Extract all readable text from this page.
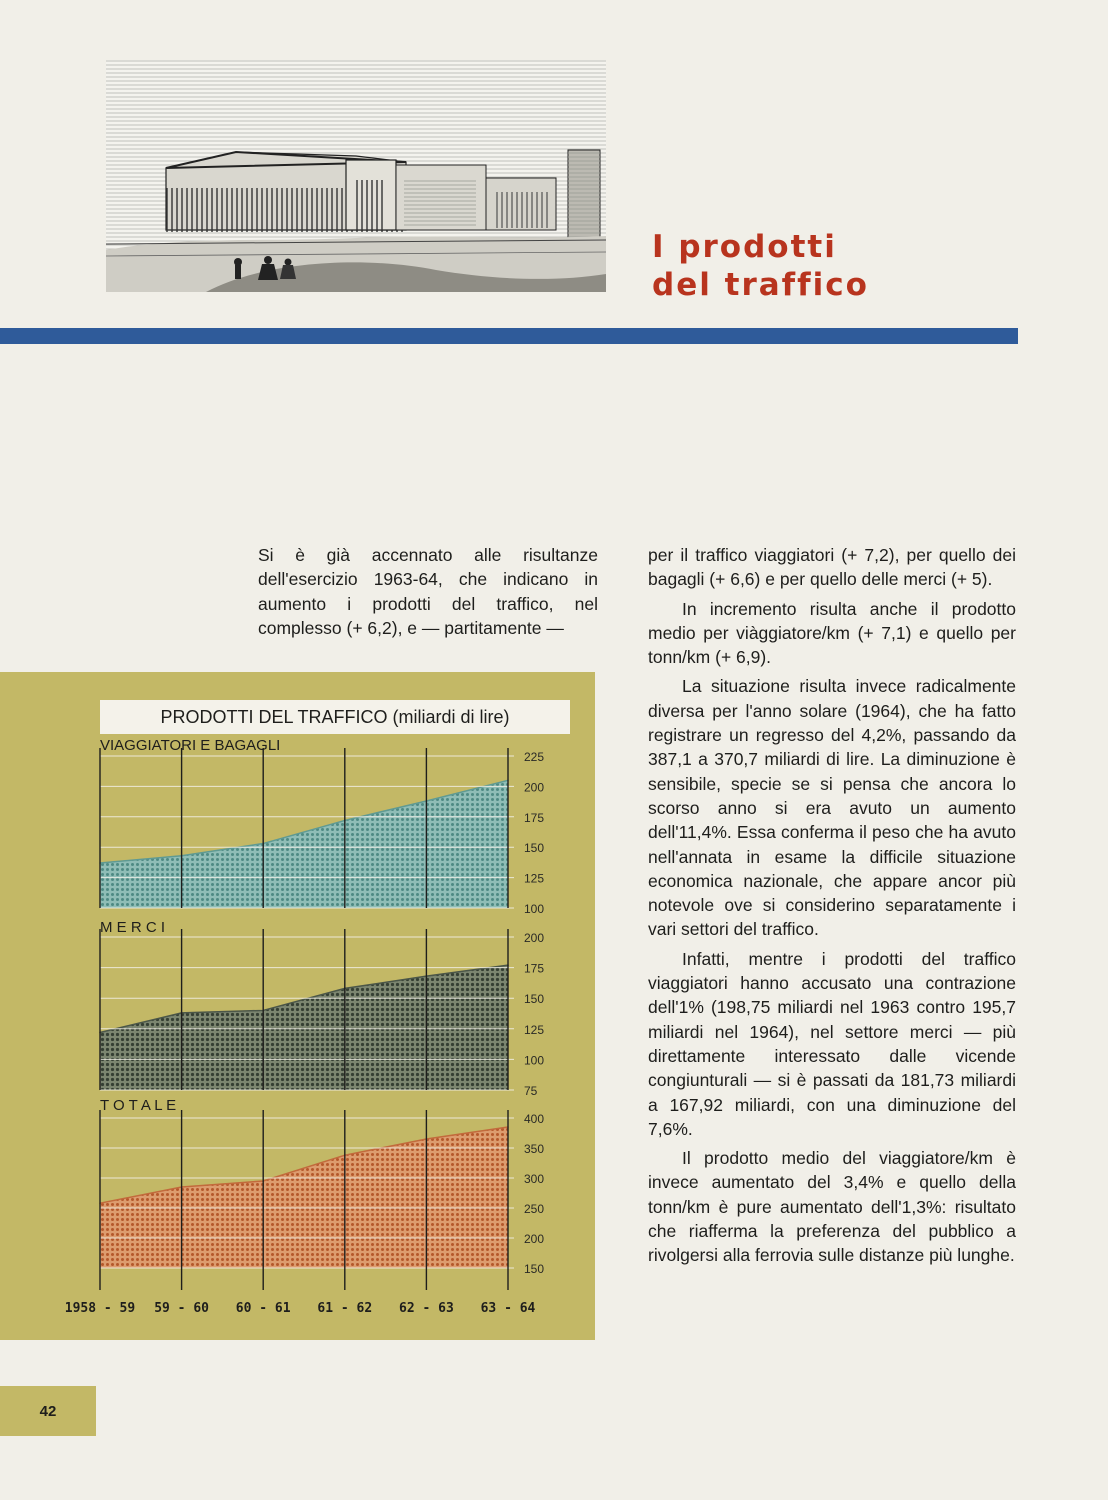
I prodotti
del traffico

Si è già accennato alle risultanze dell'esercizio 1963-64, che indicano in aumento i prodotti del traffico, nel complesso (+ 6,2), e — partitamente —

per il traffico viaggiatori (+ 7,2), per quello dei bagagli (+ 6,6) e per quello delle merci (+ 5).

In incremento risulta anche il prodotto medio per viàggiatore/km (+ 7,1) e quello per tonn/km (+ 6,9).

La situazione risulta invece radicalmente diversa per l'anno solare (1964), che ha fatto registrare un regresso del 4,2%, passando da 387,1 a 370,7 miliardi di lire. La diminuzione è sensibile, specie se si pensa che ancora lo scorso anno si era avuto un aumento dell'11,4%. Essa conferma il peso che ha avuto nell'annata in esame la difficile situazione economica nazionale, che appare ancor più notevole ove si considerino separatamente i vari settori del traffico.

Infatti, mentre i prodotti del traffico viaggiatori hanno accusato una contrazione dell'1% (198,75 miliardi nel 1963 contro 195,7 miliardi nel 1964), nel settore merci — più direttamente interessato dalle vicende congiunturali — si è passati da 181,73 miliardi a 167,92 miliardi, con una diminuzione del 7,6%.

Il prodotto medio del viaggiatore/km è invece aumentato del 3,4% e quello della tonn/km è pure aumentato dell'1,3%: risultato che riafferma la preferenza del pubblico a rivolgersi alla ferrovia sulle distanze più lunghe.

PRODOTTI DEL TRAFFICO (miliardi di lire)
225
200
175
150
125
100
VIAGGIATORI E BAGAGLI
200
175
150
125
100
75
M E R C I
400
350
300
250
200
150
T O T A L E
1958 - 59 59 - 60 60 - 61 61 - 62 62 - 63 63 - 64
42
